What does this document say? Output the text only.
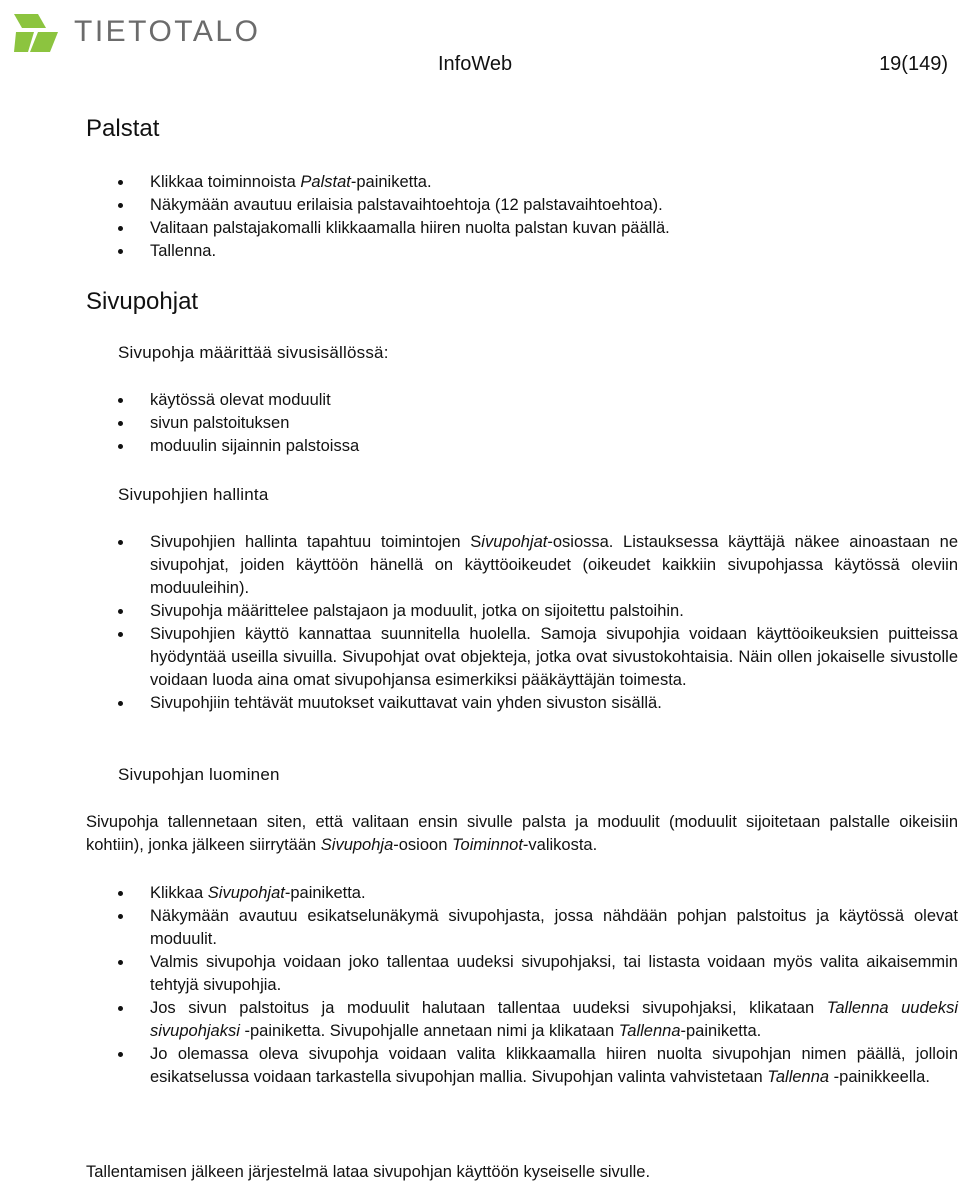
TIETOTALO
InfoWeb	19(149)
Palstat
Klikkaa toiminnoista Palstat-painiketta.
Näkymään avautuu erilaisia palstavaihtoehtoja (12 palstavaihtoehtoa).
Valitaan palstajakomalli klikkaamalla hiiren nuolta palstan kuvan päällä.
Tallenna.
Sivupohjat
Sivupohja määrittää sivusisällössä:
käytössä olevat moduulit
sivun palstoituksen
moduulin sijainnin palstoissa
Sivupohjien hallinta
Sivupohjien hallinta tapahtuu toimintojen Sivupohjat-osiossa. Listauksessa käyttäjä näkee ainoastaan ne sivupohjat, joiden käyttöön hänellä on käyttöoikeudet (oikeudet kaikkiin sivupohjassa käytössä oleviin moduuleihin).
Sivupohja määrittelee palstajaon ja moduulit, jotka on sijoitettu palstoihin.
Sivupohjien käyttö kannattaa suunnitella huolella. Samoja sivupohjia voidaan käyttöoikeuksien puitteissa hyödyntää useilla sivuilla. Sivupohjat ovat objekteja, jotka ovat sivustokohtaisia. Näin ollen jokaiselle sivustolle voidaan luoda aina omat sivupohjansa esimerkiksi pääkäyttäjän toimesta.
Sivupohjiin tehtävät muutokset vaikuttavat vain yhden sivuston sisällä.
Sivupohjan luominen

Sivupohja tallennetaan siten, että valitaan ensin sivulle palsta ja moduulit (moduulit sijoitetaan palstalle oikeisiin kohtiin), jonka jälkeen siirrytään Sivupohja-osioon Toiminnot-valikosta.

Klikkaa Sivupohjat-painiketta.
Näkymään avautuu esikatselunäkymä sivupohjasta, jossa nähdään pohjan palstoitus ja käytössä olevat moduulit.
Valmis sivupohja voidaan joko tallentaa uudeksi sivupohjaksi, tai listasta voidaan myös valita aikaisemmin tehtyjä sivupohjia.
Jos sivun palstoitus ja moduulit halutaan tallentaa uudeksi sivupohjaksi, klikataan Tallenna uudeksi sivupohjaksi -painiketta. Sivupohjalle annetaan nimi ja klikataan Tallenna-painiketta.
Jo olemassa oleva sivupohja voidaan valita klikkaamalla hiiren nuolta sivupohjan nimen päällä, jolloin esikatselussa voidaan tarkastella sivupohjan mallia. Sivupohjan valinta vahvistetaan Tallenna -painikkeella.

Tallentamisen jälkeen järjestelmä lataa sivupohjan käyttöön kyseiselle sivulle.
